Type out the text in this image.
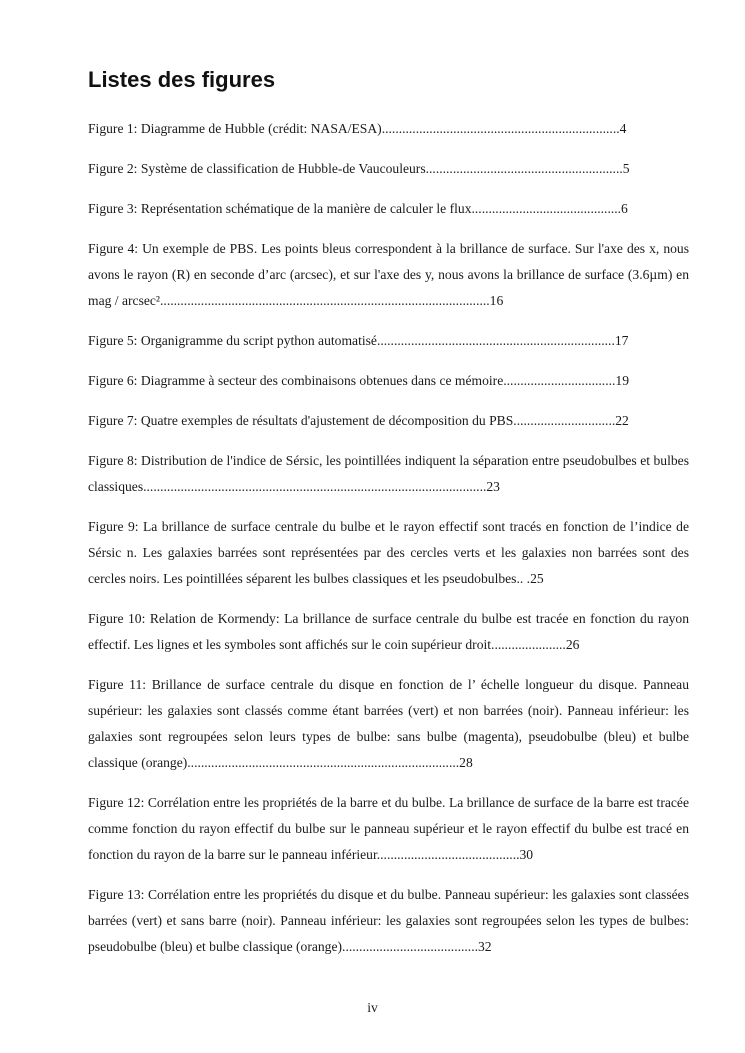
Listes des figures
Figure 1: Diagramme de Hubble (crédit: NASA/ESA)......................................................................4
Figure 2: Système de classification de Hubble-de Vaucouleurs..........................................................5
Figure 3: Représentation schématique de la manière de calculer le flux............................................6
Figure 4: Un exemple de PBS. Les points bleus correspondent à la brillance de surface. Sur l'axe des x, nous avons le rayon (R) en seconde d’arc (arcsec), et sur l'axe des y, nous avons la brillance de surface (3.6µm) en mag / arcsec².................................................................................................16
Figure 5: Organigramme du script python automatisé......................................................................17
Figure 6: Diagramme à secteur des combinaisons obtenues dans ce mémoire.................................19
Figure 7: Quatre exemples de résultats d'ajustement de décomposition du PBS..............................22
Figure 8: Distribution de l'indice de Sérsic, les pointillées indiquent la séparation entre pseudobulbes et bulbes classiques.....................................................................................................23
Figure 9: La brillance de surface centrale du bulbe et le rayon effectif sont tracés en fonction de l’indice de Sérsic n. Les galaxies barrées sont représentées par des cercles verts et les galaxies non barrées sont des cercles noirs. Les pointillées séparent les bulbes classiques et les pseudobulbes.. .25
Figure 10: Relation de Kormendy: La brillance de surface centrale du bulbe est tracée en fonction du rayon effectif. Les lignes et les symboles sont affichés sur le coin supérieur droit......................26
Figure 11: Brillance de surface centrale du disque en fonction de l’ échelle longueur du disque. Panneau supérieur: les galaxies sont classés comme étant barrées (vert) et non barrées (noir). Panneau inférieur: les galaxies sont regroupées selon leurs types de bulbe: sans bulbe (magenta), pseudobulbe (bleu) et bulbe classique (orange)................................................................................28
Figure 12: Corrélation entre les propriétés de la barre et du bulbe. La brillance de surface de la barre est tracée comme fonction du rayon effectif du bulbe sur le panneau supérieur et le rayon effectif du bulbe est tracé en fonction du rayon de la barre sur le panneau inférieur..........................................30
Figure 13: Corrélation entre les propriétés du disque et du bulbe. Panneau supérieur: les galaxies sont classées barrées (vert) et sans barre (noir). Panneau inférieur: les galaxies sont regroupées selon les types de bulbes: pseudobulbe (bleu) et bulbe classique (orange)........................................32
iv
